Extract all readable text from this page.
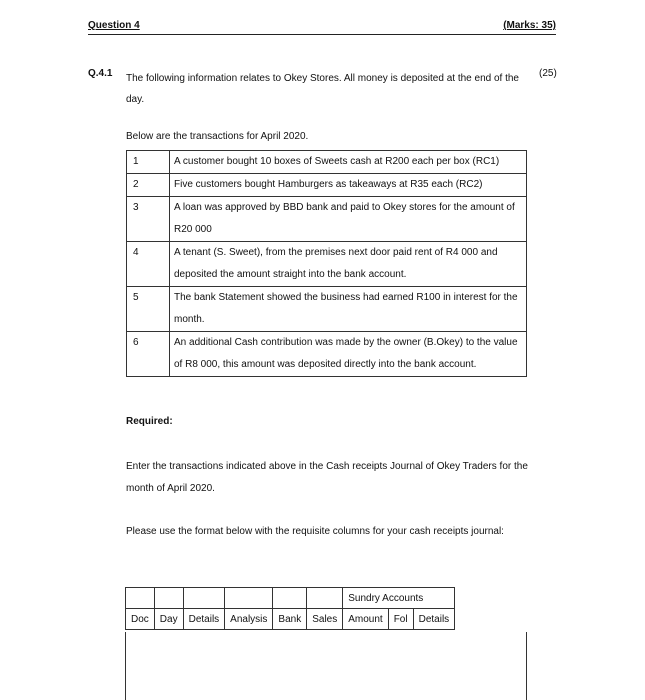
Question 4	(Marks: 35)
Q.4.1 The following information relates to Okey Stores. All money is deposited at the end of the day.
(25)
Below are the transactions for April 2020.
1	A customer bought 10 boxes of Sweets cash at R200 each per box (RC1)
2	Five customers bought Hamburgers as takeaways at R35 each (RC2)
3	A loan was approved by BBD bank and paid to Okey stores for the amount of R20 000
4	A tenant (S. Sweet), from the premises next door paid rent of R4 000 and deposited the amount straight into the bank account.
5	The bank Statement showed the business had earned R100 in interest for the month.
6	An additional Cash contribution was made by the owner (B.Okey) to the value of R8 000, this amount was deposited directly into the bank account.
Required:
Enter the transactions indicated above in the Cash receipts Journal of Okey Traders for the month of April 2020.
Please use the format below with the requisite columns for your cash receipts journal:
						Sundry Accounts		
Doc	Day	Details	Analysis	Bank	Sales	Amount	Fol	Details
